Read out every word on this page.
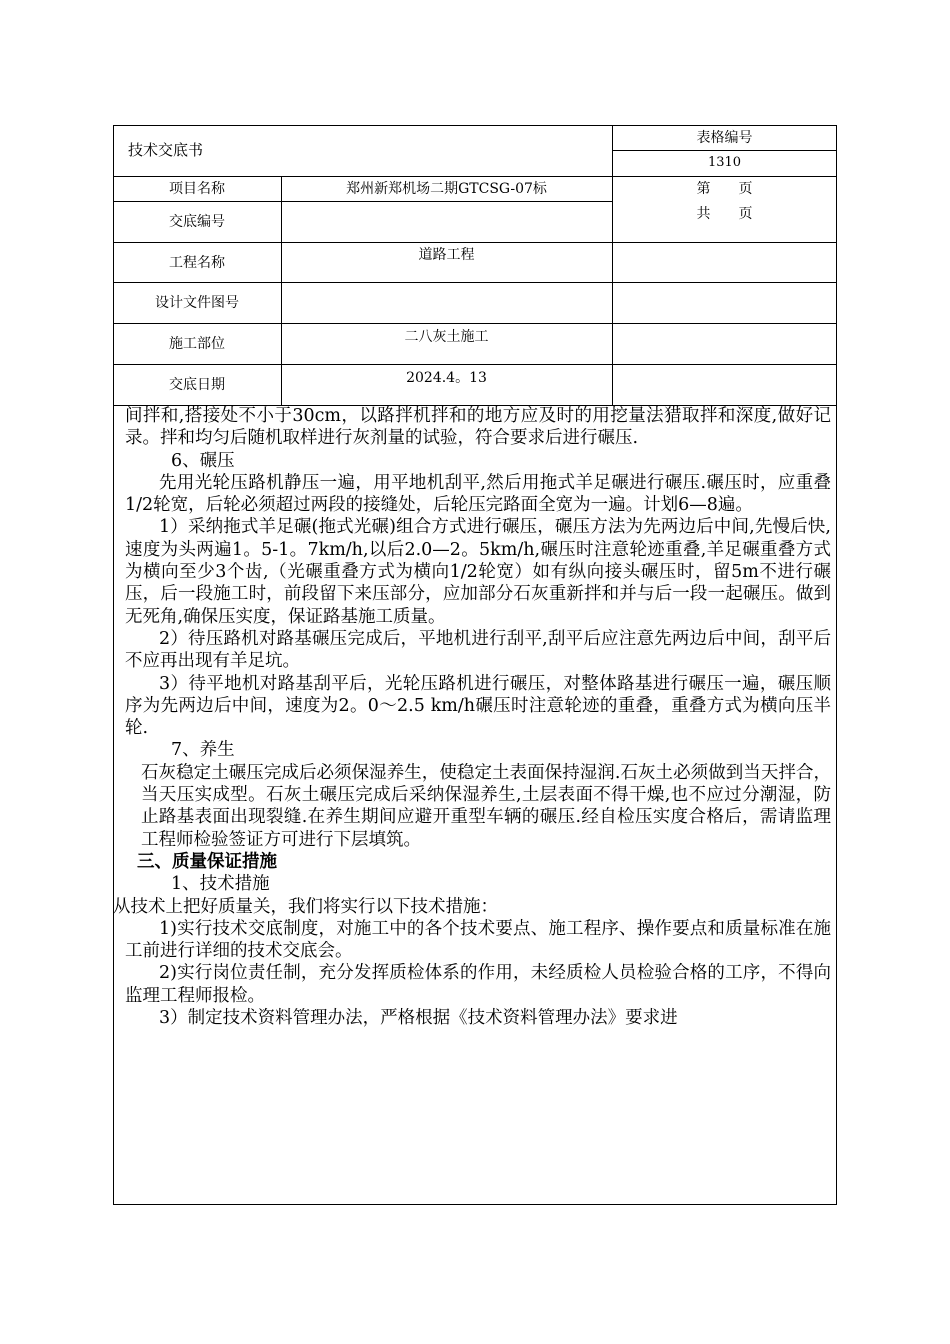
技术交底书
表格编号
1310
第　　页
共　　页
项目名称	郑州新郑机场二期GTCSG-07标
交底编号
工程名称	道路工程
设计文件图号
施工部位	二八灰土施工
交底日期	2024.4。13

间拌和,搭接处不小于30cm，以路拌机拌和的地方应及时的用挖量法猎取拌和深度,做好记录。拌和均匀后随机取样进行灰剂量的试验，符合要求后进行碾压.

6、碾压

先用光轮压路机静压一遍，用平地机刮平,然后用拖式羊足碾进行碾压.碾压时，应重叠1/2轮宽，后轮必须超过两段的接缝处，后轮压完路面全宽为一遍。计划6—8遍。

1）采纳拖式羊足碾(拖式光碾)组合方式进行碾压，碾压方法为先两边后中间,先慢后快,速度为头两遍1。5-1。7km/h,以后2.0—2。5km/h,碾压时注意轮迹重叠,羊足碾重叠方式为横向至少3个齿,（光碾重叠方式为横向1/2轮宽）如有纵向接头碾压时，留5m不进行碾压，后一段施工时，前段留下来压部分，应加部分石灰重新拌和并与后一段一起碾压。做到无死角,确保压实度，保证路基施工质量。

2）待压路机对路基碾压完成后，平地机进行刮平,刮平后应注意先两边后中间，刮平后不应再出现有羊足坑。

3）待平地机对路基刮平后，光轮压路机进行碾压，对整体路基进行碾压一遍，碾压顺序为先两边后中间，速度为2。0～2.5 km/h碾压时注意轮迹的重叠，重叠方式为横向压半轮.

7、养生

石灰稳定土碾压完成后必须保湿养生，使稳定土表面保持湿润.石灰土必须做到当天拌合，当天压实成型。石灰土碾压完成后采纳保湿养生,土层表面不得干燥,也不应过分潮湿，防止路基表面出现裂缝.在养生期间应避开重型车辆的碾压.经自检压实度合格后，需请监理工程师检验签证方可进行下层填筑。

三、质量保证措施

1、技术措施

从技术上把好质量关，我们将实行以下技术措施：

1)实行技术交底制度，对施工中的各个技术要点、施工程序、操作要点和质量标准在施工前进行详细的技术交底会。

2)实行岗位责任制，充分发挥质检体系的作用，未经质检人员检验合格的工序，不得向监理工程师报检。

3）制定技术资料管理办法，严格根据《技术资料管理办法》要求进
